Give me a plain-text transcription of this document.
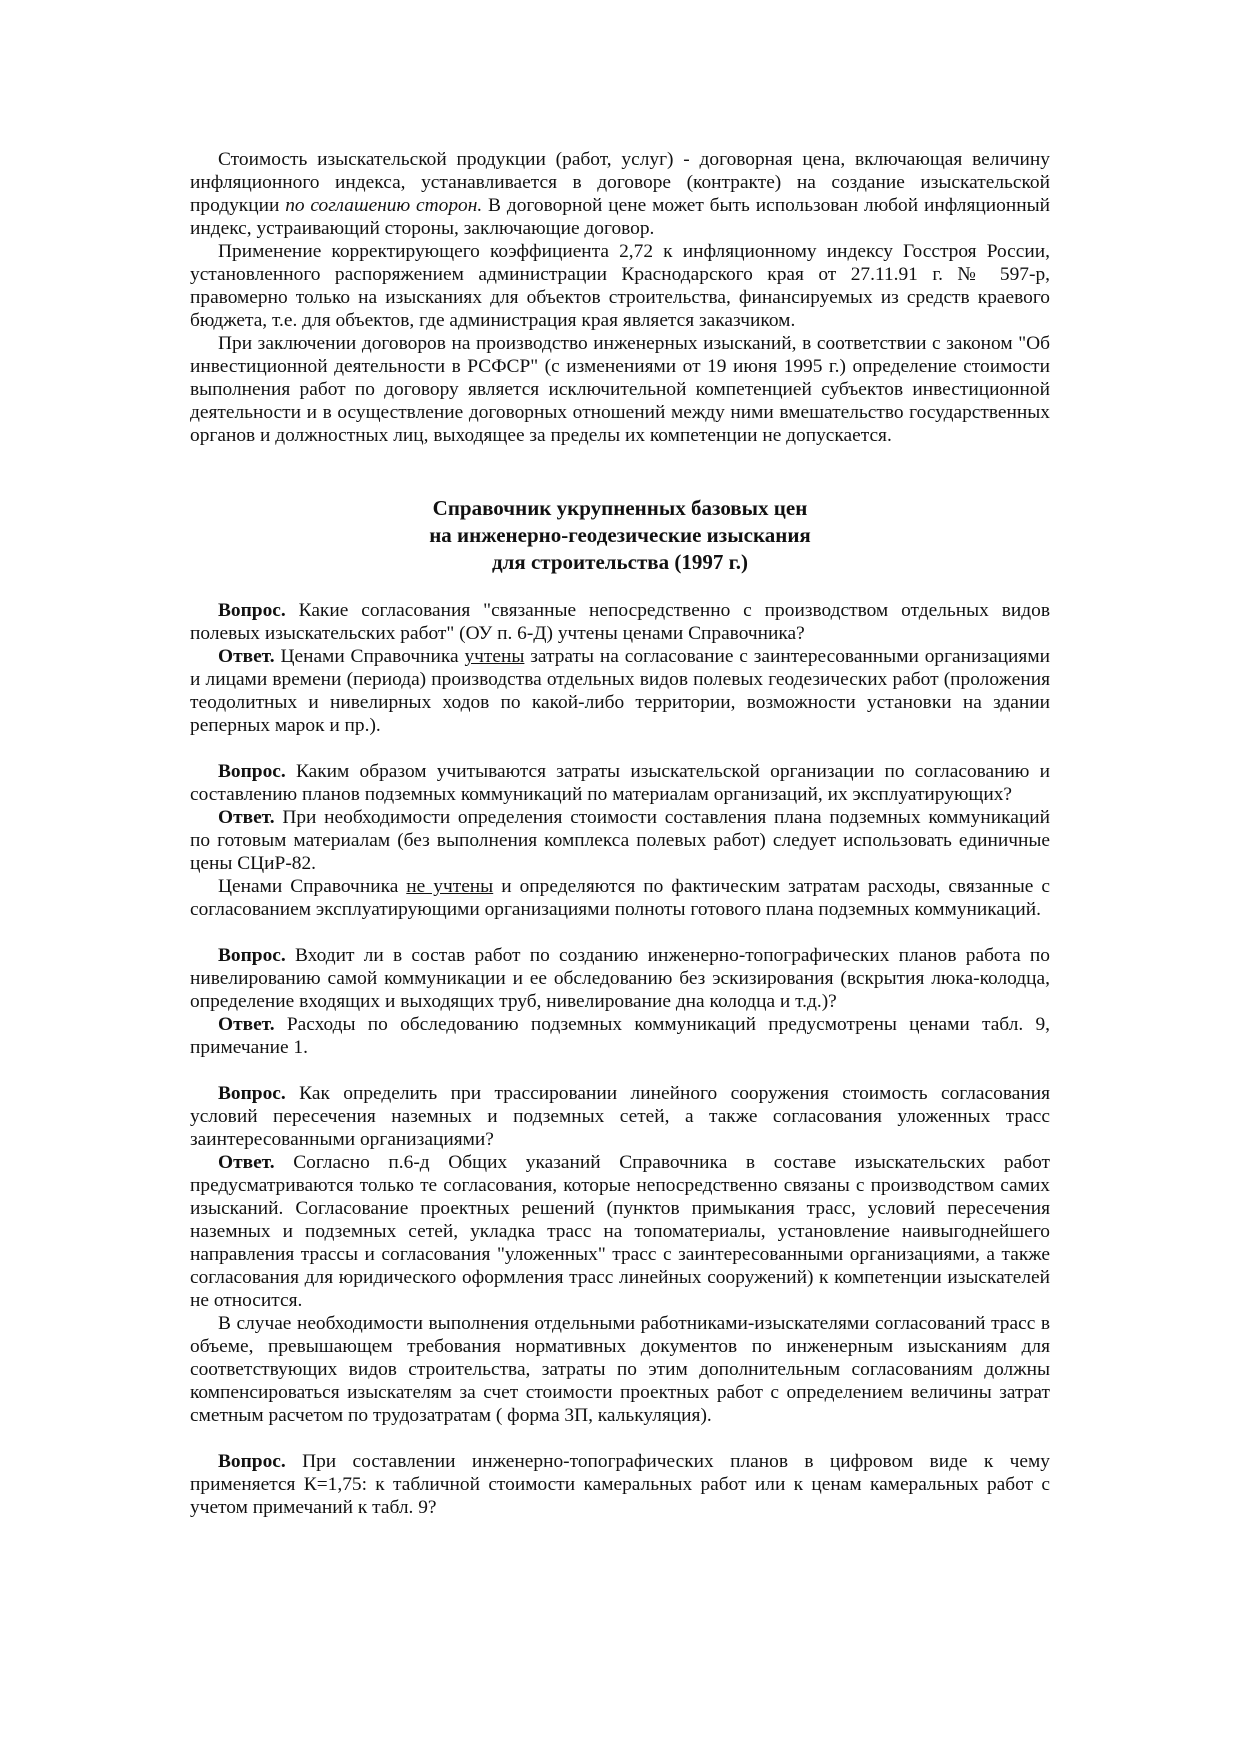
Стоимость изыскательской продукции (работ, услуг) - договорная цена, включающая величину инфляционного индекса, устанавливается в договоре (контракте) на создание изыскательской продукции по соглашению сторон. В договорной цене может быть использован любой инфляционный индекс, устраивающий стороны, заключающие договор.

Применение корректирующего коэффициента 2,72 к инфляционному индексу Госстроя России, установленного распоряжением администрации Краснодарского края от 27.11.91 г. № 597-р, правомерно только на изысканиях для объектов строительства, финансируемых из средств краевого бюджета, т.е. для объектов, где администрация края является заказчиком.

При заключении договоров на производство инженерных изысканий, в соответствии с законом "Об инвестиционной деятельности в РСФСР" (с изменениями от 19 июня 1995 г.) определение стоимости выполнения работ по договору является исключительной компетенцией субъектов инвестиционной деятельности и в осуществление договорных отношений между ними вмешательство государственных органов и должностных лиц, выходящее за пределы их компетенции не допускается.

Справочник укрупненных базовых цен
на инженерно-геодезические изыскания
для строительства (1997 г.)

Вопрос. Какие согласования "связанные непосредственно с производством отдельных видов полевых изыскательских работ" (ОУ п. 6-Д) учтены ценами Справочника?

Ответ. Ценами Справочника учтены затраты на согласование с заинтересованными организациями и лицами времени (периода) производства отдельных видов полевых геодезических работ (проложения теодолитных и нивелирных ходов по какой-либо территории, возможности установки на здании реперных марок и пр.).

Вопрос. Каким образом учитываются затраты изыскательской организации по согласованию и составлению планов подземных коммуникаций по материалам организаций, их эксплуатирующих?

Ответ. При необходимости определения стоимости составления плана подземных коммуникаций по готовым материалам (без выполнения комплекса полевых работ) следует использовать единичные цены СЦиР-82.

Ценами Справочника не учтены и определяются по фактическим затратам расходы, связанные с согласованием эксплуатирующими организациями полноты готового плана подземных коммуникаций.

Вопрос. Входит ли в состав работ по созданию инженерно-топографических планов работа по нивелированию самой коммуникации и ее обследованию без эскизирования (вскрытия люка-колодца, определение входящих и выходящих труб, нивелирование дна колодца и т.д.)?

Ответ. Расходы по обследованию подземных коммуникаций предусмотрены ценами табл. 9, примечание 1.

Вопрос. Как определить при трассировании линейного сооружения стоимость согласования условий пересечения наземных и подземных сетей, а также согласования уложенных трасс заинтересованными организациями?

Ответ. Согласно п.6-д Общих указаний Справочника в составе изыскательских работ предусматриваются только те согласования, которые непосредственно связаны с производством самих изысканий. Согласование проектных решений (пунктов примыкания трасс, условий пересечения наземных и подземных сетей, укладка трасс на топоматериалы, установление наивыгоднейшего направления трассы и согласования "уложенных" трасс с заинтересованными организациями, а также согласования для юридического оформления трасс линейных сооружений) к компетенции изыскателей не относится.

В случае необходимости выполнения отдельными работниками-изыскателями согласований трасс в объеме, превышающем требования нормативных документов по инженерным изысканиям для соответствующих видов строительства, затраты по этим дополнительным согласованиям должны компенсироваться изыскателям за счет стоимости проектных работ с определением величины затрат сметным расчетом по трудозатратам ( форма 3П, калькуляция).

Вопрос. При составлении инженерно-топографических планов в цифровом виде к чему применяется К=1,75: к табличной стоимости камеральных работ или к ценам камеральных работ с учетом примечаний к табл. 9?
